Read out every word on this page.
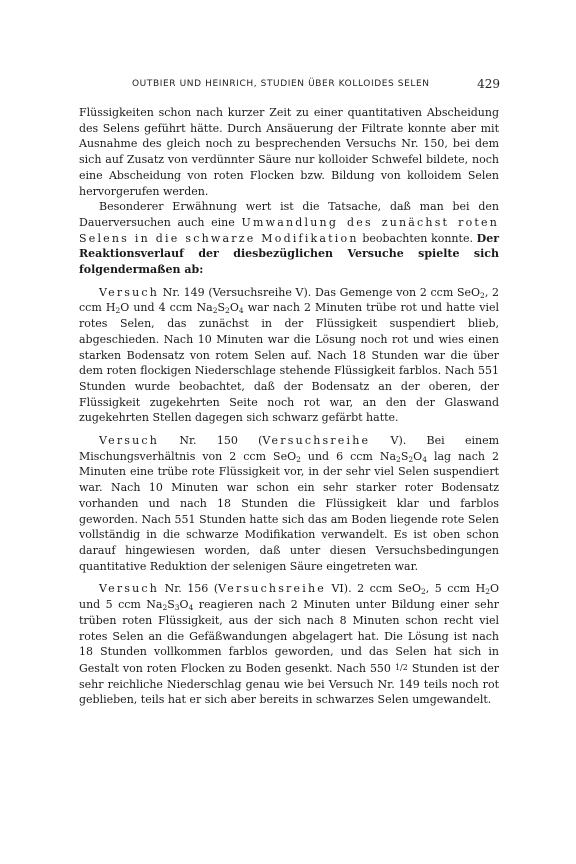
OUTBIER UND HEINRICH, STUDIEN ÜBER KOLLOIDES SELEN	429

Flüssigkeiten schon nach kurzer Zeit zu einer quantitativen Abscheidung des Selens geführt hätte. Durch Ansäuerung der Filtrate konnte aber mit Ausnahme des gleich noch zu besprechenden Versuchs Nr. 150, bei dem sich auf Zusatz von verdünnter Säure nur kolloider Schwefel bildete, noch eine Abscheidung von roten Flocken bzw. Bildung von kolloidem Selen hervorgerufen werden.

Besonderer Erwähnung wert ist die Tatsache, daß man bei den Dauerversuchen auch eine Umwandlung des zunächst roten Selens in die schwarze Modifikation beobachten konnte. Der Reaktionsverlauf der diesbezüglichen Versuche spielte sich folgendermaßen ab:

Versuch Nr. 149 (Versuchsreihe V). Das Gemenge von 2 ccm SeO$_2$, 2 ccm $H_2O$ und 4 ccm $Na_2S_2O_4$ war nach 2 Minuten trübe rot und hatte viel rotes Selen, das zunächst in der Flüssigkeit suspendiert blieb, abgeschieden. Nach 10 Minuten war die Lösung noch rot und wies einen starken Bodensatz von rotem Selen auf. Nach 18 Stunden war die über dem roten flockigen Niederschlage stehende Flüssigkeit farblos. Nach 551 Stunden wurde beobachtet, daß der Bodensatz an der oberen, der Flüssigkeit zugekehrten Seite noch rot war, an den der Glaswand zugekehrten Stellen dagegen sich schwarz gefärbt hatte.

Versuch Nr. 150 (Versuchsreihe V). Bei einem Mischungsverhältnis von 2 ccm SeO$_2$ und 6 ccm $Na_2S_2O_4$ lag nach 2 Minuten eine trübe rote Flüssigkeit vor, in der sehr viel Selen suspendiert war. Nach 10 Minuten war schon ein sehr starker roter Bodensatz vorhanden und nach 18 Stunden die Flüssigkeit klar und farblos geworden. Nach 551 Stunden hatte sich das am Boden liegende rote Selen vollständig in die schwarze Modifikation verwandelt. Es ist oben schon darauf hingewiesen worden, daß unter diesen Versuchsbedingungen quantitative Reduktion der selenigen Säure eingetreten war.

Versuch Nr. 156 (Versuchsreihe VI). 2 ccm SeO$_2$, 5 ccm $H_2O$ und 5 ccm $Na_2S_3O_4$ reagieren nach 2 Minuten unter Bildung einer sehr trüben roten Flüssigkeit, aus der sich nach 8 Minuten schon recht viel rotes Selen an die Gefäßwandungen abgelagert hat. Die Lösung ist nach 18 Stunden vollkommen farblos geworden, und das Selen hat sich in Gestalt von roten Flocken zu Boden gesenkt. Nach 550 1/2 Stunden ist der sehr reichliche Niederschlag genau wie bei Versuch Nr. 149 teils noch rot geblieben, teils hat er sich aber bereits in schwarzes Selen umgewandelt.
